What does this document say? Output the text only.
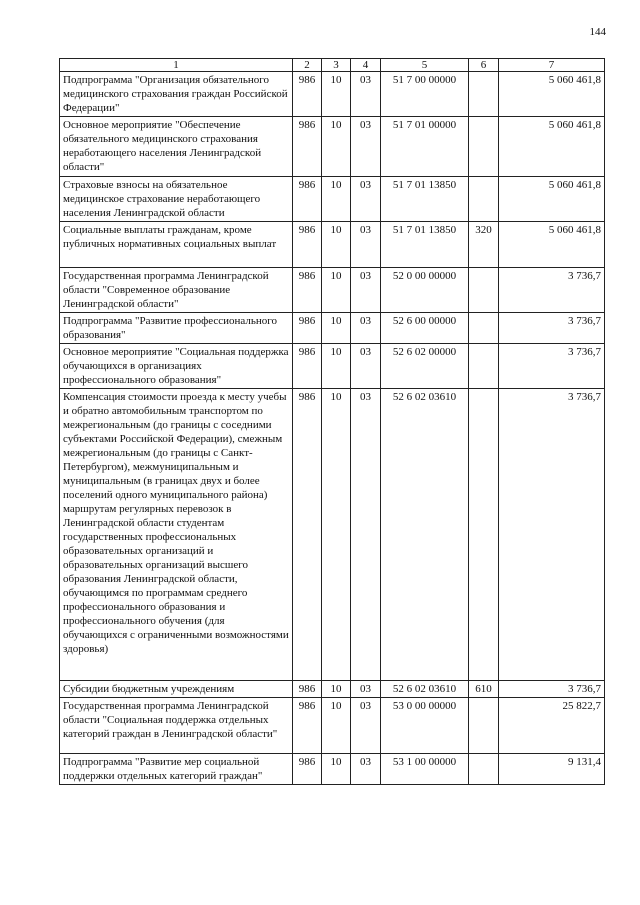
144
1	2	3	4	5	6	7
Подпрограмма "Организация обязательного медицинского страхования граждан Российской Федерации"	986	10	03	51 7 00 00000		5 060 461,8
Основное мероприятие "Обеспечение обязательного медицинского страхования неработающего населения Ленинградской области"	986	10	03	51 7 01 00000		5 060 461,8
Страховые взносы на обязательное медицинское страхование неработающего населения Ленинградской области	986	10	03	51 7 01 13850		5 060 461,8
Социальные выплаты гражданам, кроме публичных нормативных социальных выплат	986	10	03	51 7 01 13850	320	5 060 461,8
Государственная программа Ленинградской области "Современное образование Ленинградской области"	986	10	03	52 0 00 00000		3 736,7
Подпрограмма "Развитие профессионального образования"	986	10	03	52 6 00 00000		3 736,7
Основное мероприятие "Социальная поддержка обучающихся в организациях профессионального образования"	986	10	03	52 6 02 00000		3 736,7
Компенсация стоимости проезда к месту учебы и обратно автомобильным транспортом по межрегиональным (до границы с соседними субъектами Российской Федерации), смежным межрегиональным (до границы с Санкт-Петербургом), межмуниципальным и муниципальным (в границах двух и более поселений одного муниципального района) маршрутам регулярных перевозок в Ленинградской области студентам государственных профессиональных образовательных организаций и образовательных организаций высшего образования Ленинградской области, обучающимся по программам среднего профессионального образования и профессионального обучения (для обучающихся с ограниченными возможностями здоровья)	986	10	03	52 6 02 03610		3 736,7
Субсидии бюджетным учреждениям	986	10	03	52 6 02 03610	610	3 736,7
Государственная программа Ленинградской области "Социальная поддержка отдельных категорий граждан в Ленинградской области"	986	10	03	53 0 00 00000		25 822,7
Подпрограмма "Развитие мер социальной поддержки отдельных категорий граждан"	986	10	03	53 1 00 00000		9 131,4
